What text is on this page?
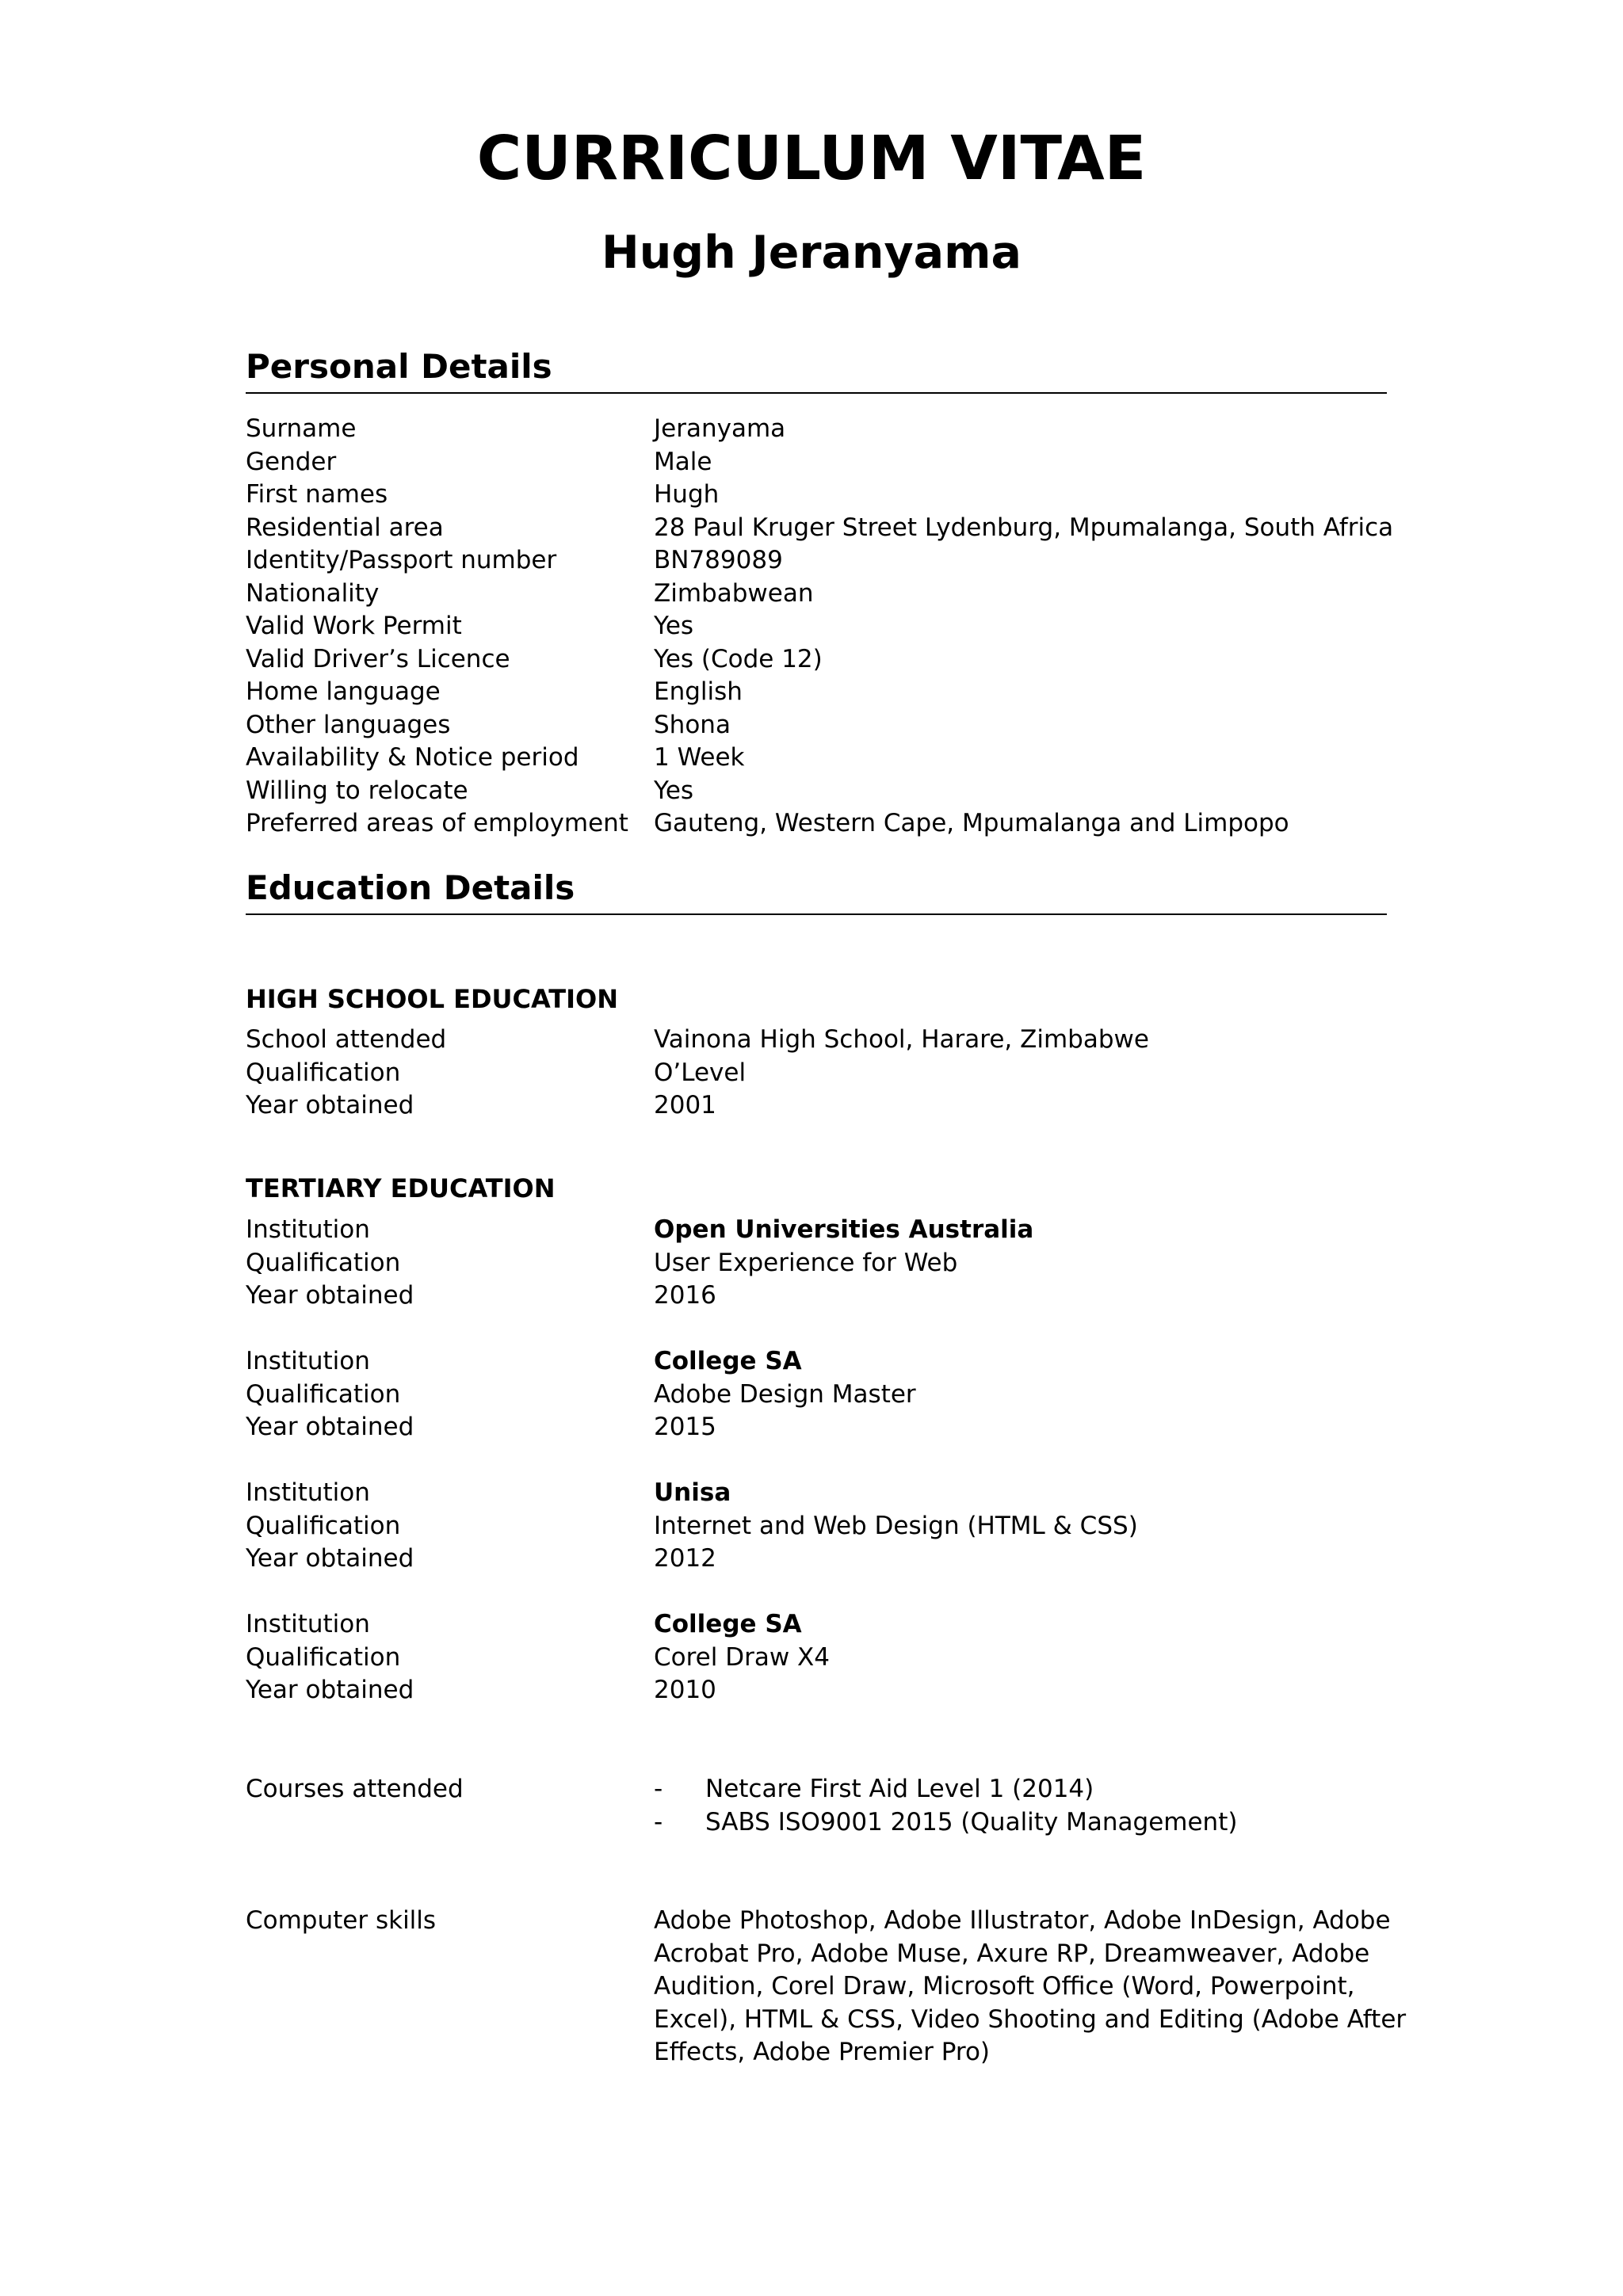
CURRICULUM VITAE
Hugh Jeranyama
Personal Details
Surname	Jeranyama
Gender	Male
First names	Hugh
Residential area	28 Paul Kruger Street Lydenburg, Mpumalanga, South Africa
Identity/Passport number	BN789089
Nationality	Zimbabwean
Valid Work Permit	Yes
Valid Driver’s Licence	Yes (Code 12)
Home language	English
Other languages	Shona
Availability & Notice period	1 Week
Willing to relocate	Yes
Preferred areas of employment	Gauteng, Western Cape, Mpumalanga and Limpopo
Education Details
HIGH SCHOOL EDUCATION
School attended	Vainona High School, Harare, Zimbabwe
Qualification	O’Level
Year obtained	2001
TERTIARY EDUCATION
Institution	Open Universities Australia
Qualification	User Experience for Web
Year obtained	2016
Institution	College SA
Qualification	Adobe Design Master
Year obtained	2015
Institution	Unisa
Qualification	Internet and Web Design (HTML & CSS)
Year obtained	2012
Institution	College SA
Qualification	Corel Draw X4
Year obtained	2010
Courses attended	- Netcare First Aid Level 1 (2014)
- SABS ISO9001 2015 (Quality Management)
Computer skills	Adobe Photoshop, Adobe Illustrator, Adobe InDesign, Adobe
Acrobat Pro, Adobe Muse, Axure RP, Dreamweaver, Adobe
Audition, Corel Draw, Microsoft Office (Word, Powerpoint,
Excel), HTML & CSS, Video Shooting and Editing (Adobe After
Effects, Adobe Premier Pro)
